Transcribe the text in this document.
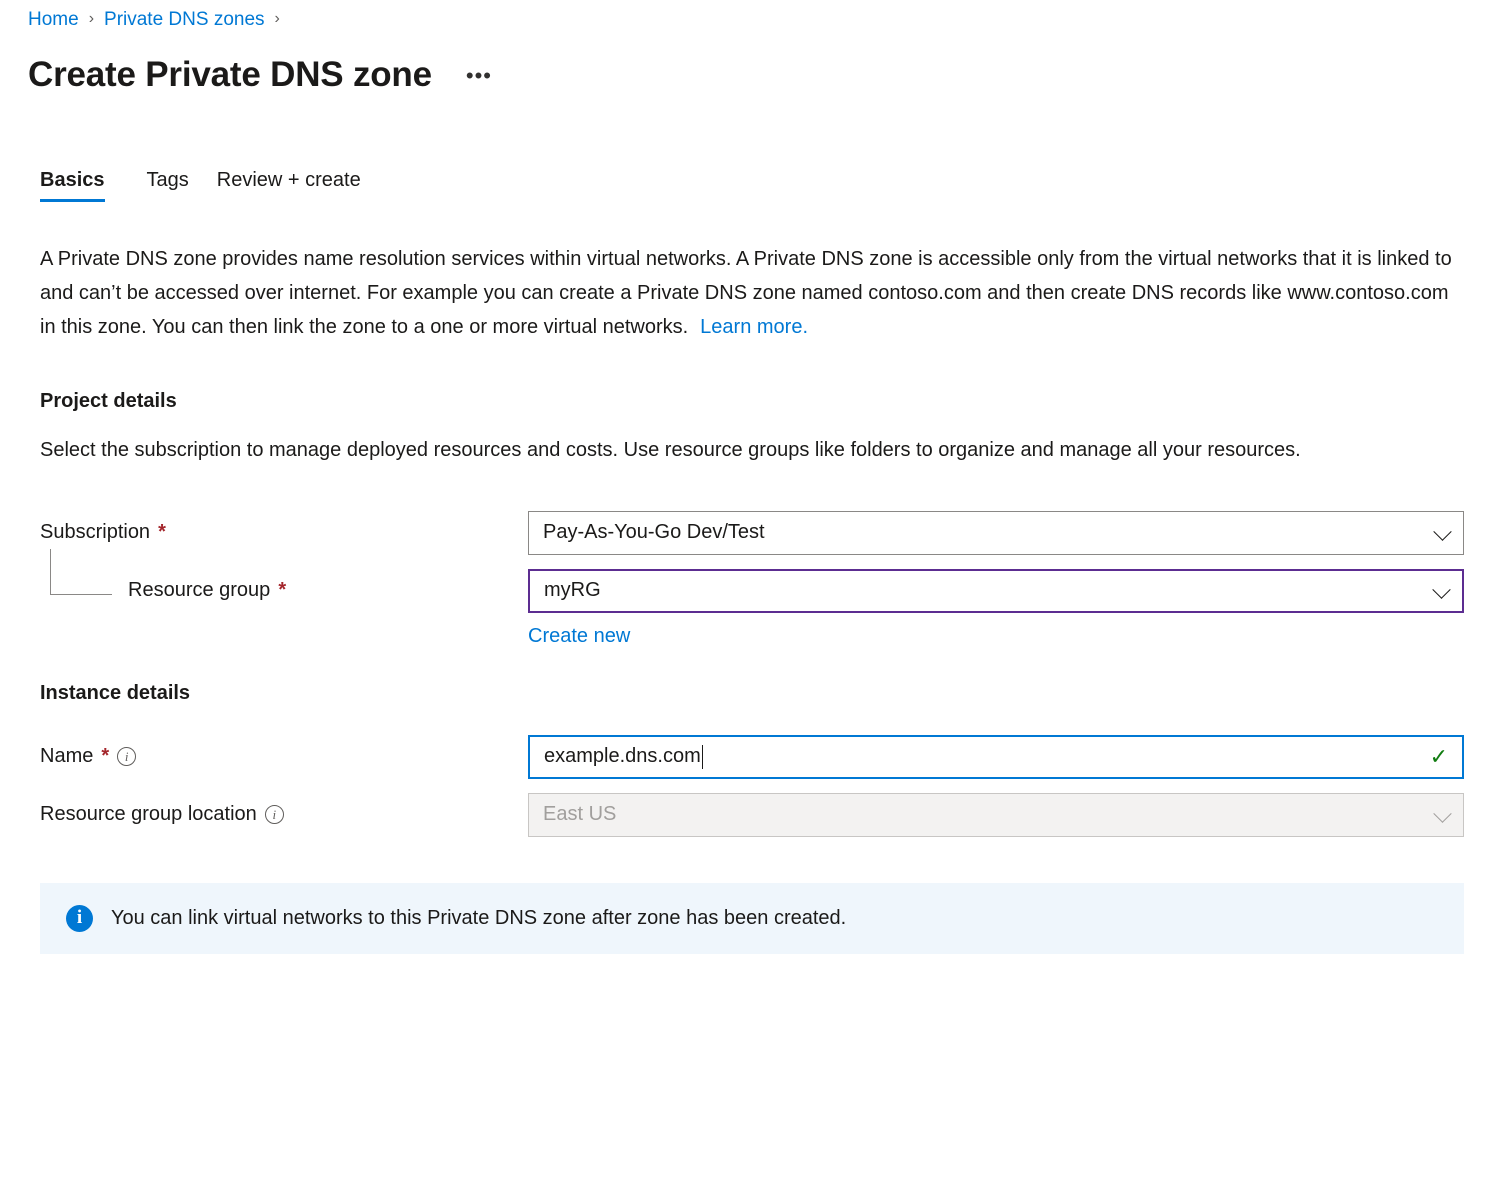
Home › Private DNS zones ›
Create Private DNS zone •••
Basics	Tags	Review + create
A Private DNS zone provides name resolution services within virtual networks. A Private DNS zone is accessible only from the virtual networks that it is linked to and can’t be accessed over internet. For example you can create a Private DNS zone named contoso.com and then create DNS records like www.contoso.com in this zone. You can then link the zone to a one or more virtual networks. Learn more.
Project details
Select the subscription to manage deployed resources and costs. Use resource groups like folders to organize and manage all your resources.
Subscription *	Pay-As-You-Go Dev/Test
Resource group *	myRG
Create new
Instance details
Name *	i	example.dns.com	✓
Resource group location	i	East US
i	You can link virtual networks to this Private DNS zone after zone has been created.
